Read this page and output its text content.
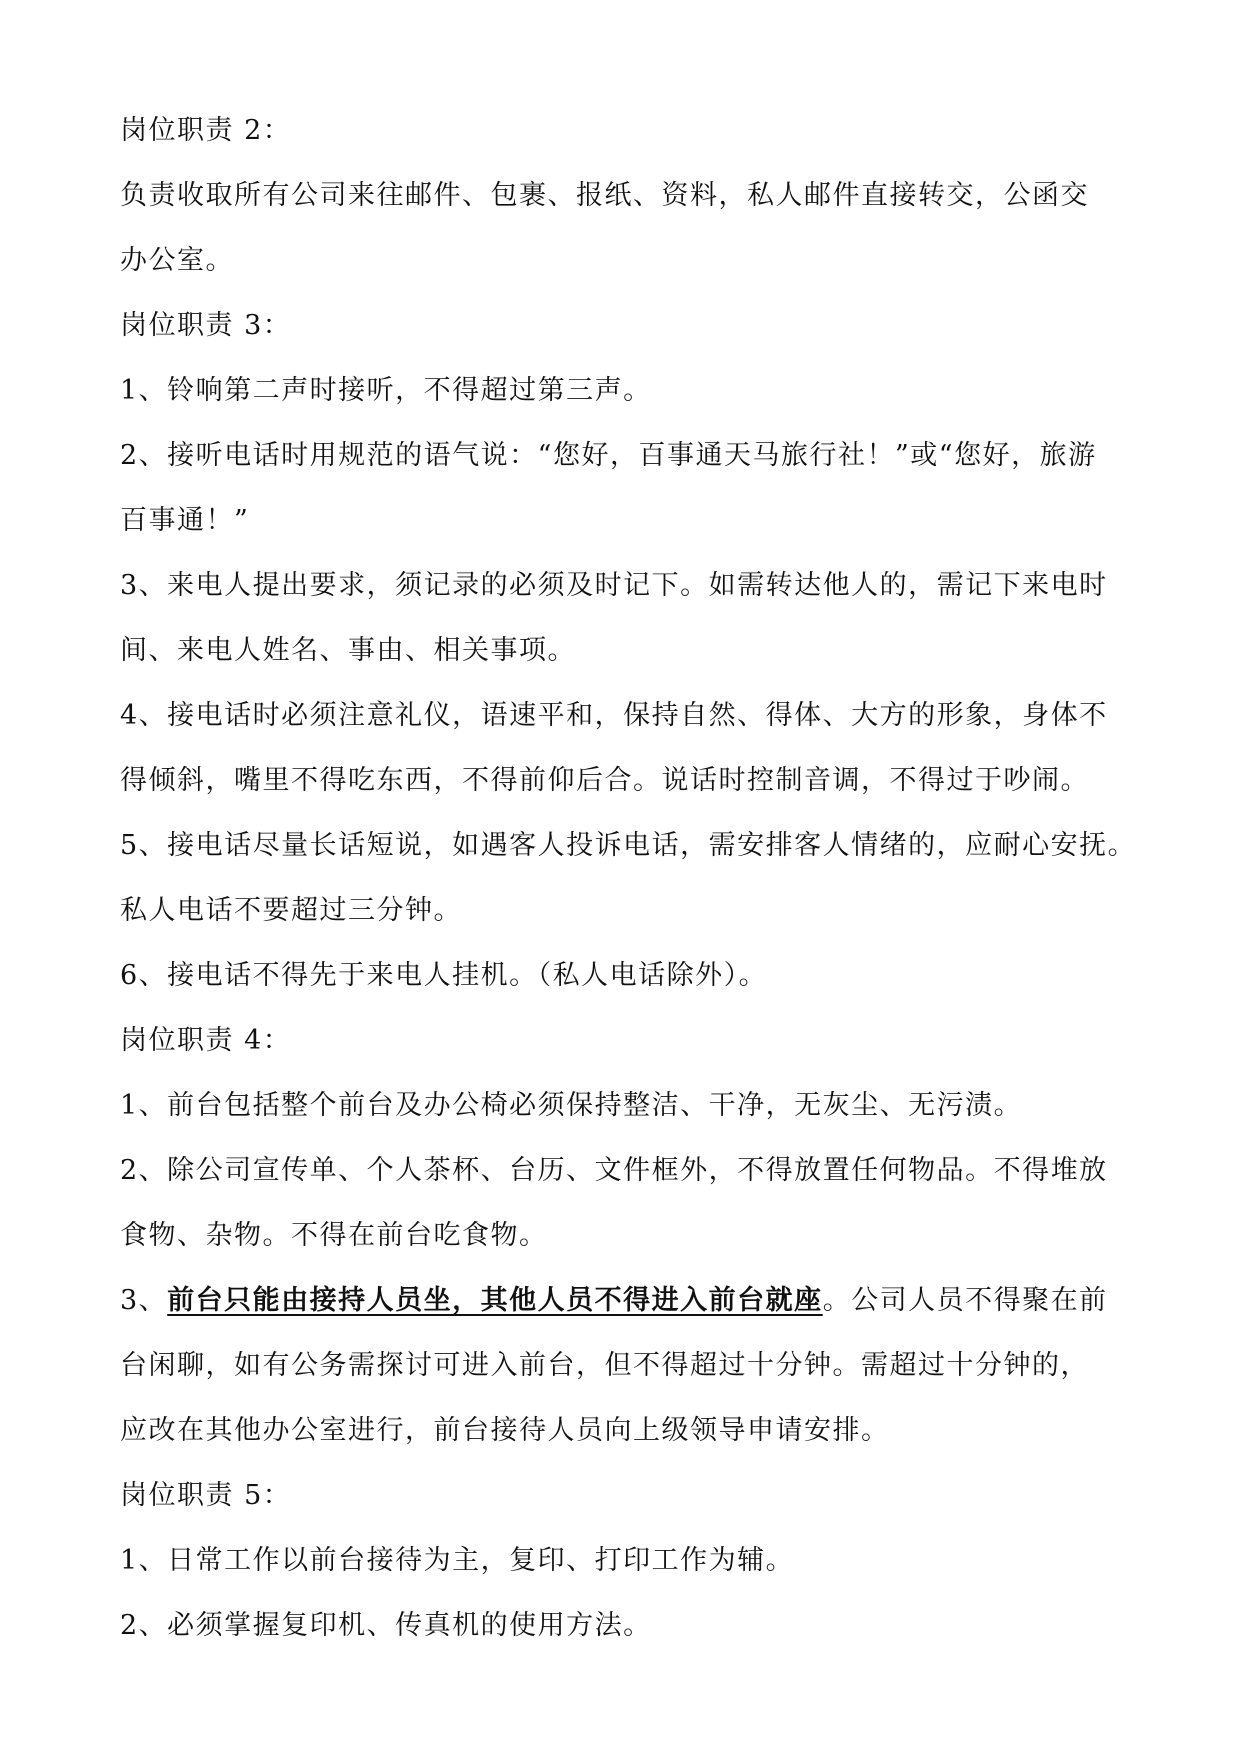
岗位职责 2：
负责收取所有公司来往邮件、包裹、报纸、资料，私人邮件直接转交，公函交
办公室。
岗位职责 3：
1、铃响第二声时接听，不得超过第三声。
2、接听电话时用规范的语气说：“您好，百事通天马旅行社！”或“您好，旅游
百事通！”
3、来电人提出要求，须记录的必须及时记下。如需转达他人的，需记下来电时
间、来电人姓名、事由、相关事项。
4、接电话时必须注意礼仪，语速平和，保持自然、得体、大方的形象，身体不
得倾斜，嘴里不得吃东西，不得前仰后合。说话时控制音调，不得过于吵闹。
5、接电话尽量长话短说，如遇客人投诉电话，需安排客人情绪的，应耐心安抚。
私人电话不要超过三分钟。
6、接电话不得先于来电人挂机。（私人电话除外）。
岗位职责 4：
1、前台包括整个前台及办公椅必须保持整洁、干净，无灰尘、无污渍。
2、除公司宣传单、个人茶杯、台历、文件框外，不得放置任何物品。不得堆放
食物、杂物。不得在前台吃食物。
3、前台只能由接持人员坐，其他人员不得进入前台就座。公司人员不得聚在前
台闲聊，如有公务需探讨可进入前台，但不得超过十分钟。需超过十分钟的，
应改在其他办公室进行，前台接待人员向上级领导申请安排。
岗位职责 5：
1、日常工作以前台接待为主，复印、打印工作为辅。
2、必须掌握复印机、传真机的使用方法。
